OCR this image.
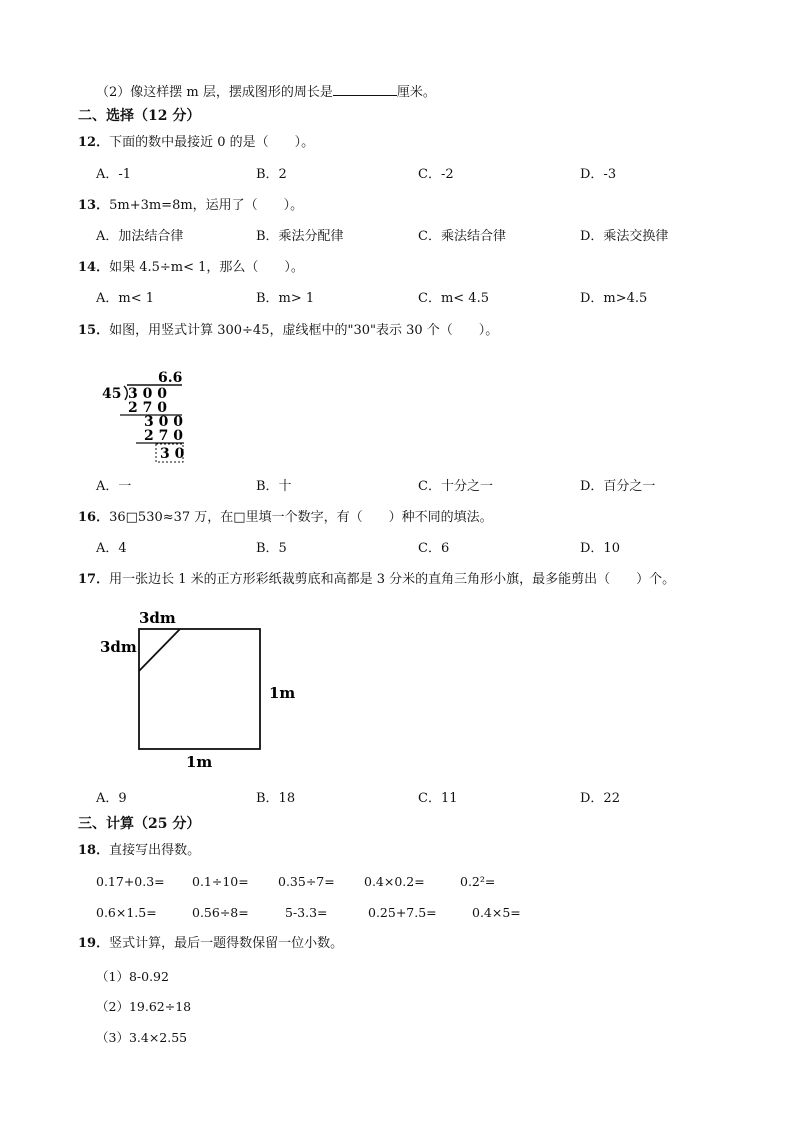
（2）像这样摆 m 层，摆成图形的周长是	厘米。
二、选择（12 分）
12．下面的数中最接近 0 的是（　　）。
A．-1	B．2	C．-2	D．-3
13．5m+3m=8m，运用了（　　）。
A．加法结合律	B．乘法分配律	C．乘法结合律	D．乘法交换律
14．如果 4.5÷m< 1，那么（　　）。
A．m< 1	B．m> 1	C．m< 4.5	D．m>4.5
15．如图，用竖式计算 300÷45，虚线框中的"30"表示 30 个（　　）。
6.6
45 3 0 0
2 7 0
3 0 0
2 7 0
3 0
A．一	B．十	C．十分之一	D．百分之一
16．36□530≈37 万，在□里填一个数字，有（　　）种不同的填法。
A．4	B．5	C．6	D．10
17．用一张边长 1 米的正方形彩纸裁剪底和高都是 3 分米的直角三角形小旗，最多能剪出（　　）个。
3dm
3dm
1m
1m
A．9	B．18	C．11	D．22
三、计算（25 分）
18．直接写出得数。
0.17+0.3= 0.1÷10= 0.35÷7= 0.4×0.2=	0.2²=
0.6×1.5=	0.56÷8=	5-3.3=	0.25+7.5=	0.4×5=
19．竖式计算，最后一题得数保留一位小数。
（1）8-0.92
（2）19.62÷18
（3）3.4×2.55
